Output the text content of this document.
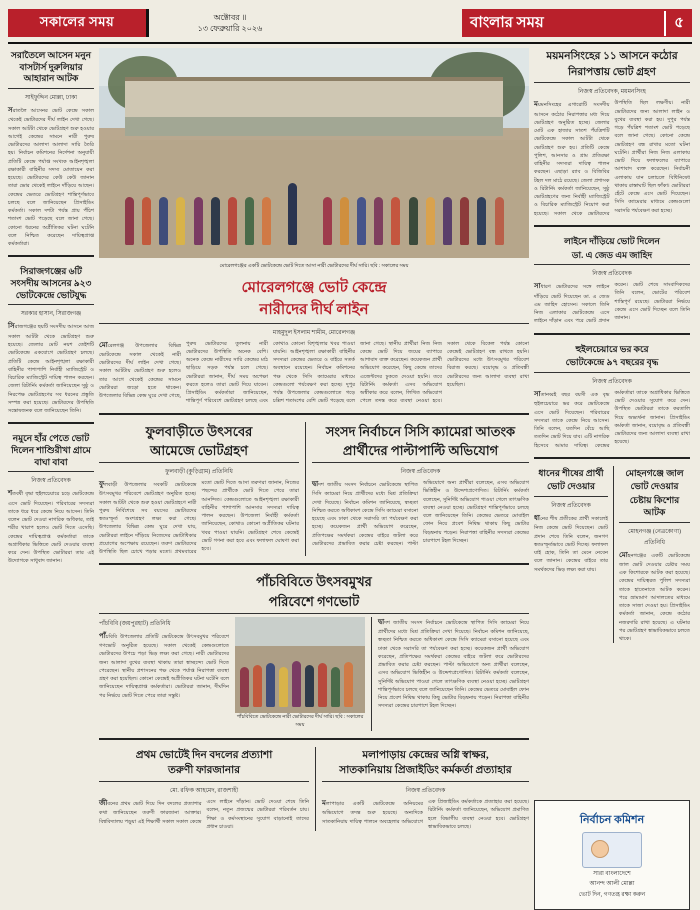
সকালের সময়	অক্টোবর ॥
১৩ ফেব্রুয়ারি ২০২৬	বাংলার সময়	৫
সরাতৈলে আসেন মনুন বাসটার্স দুরুলিয়ার আহারান আটক
সাইফুদ্দিন মোল্লা, ঢাকা
সরাতলৈ আসেনর ভোট কেন্দ্রে সকাল থেকেই ভোটারদের দীর্ঘ লাইন দেখা গেছে। সকাল আটটা থেকে ভোটগ্রহণ শুরু হওয়ার আগেই কেন্দ্রের সামনে নারী পুরুষ ভোটারদের আলাদা আলাদা সারি তৈরি হয়। নির্বাচন কমিশনের নির্দেশনা অনুযায়ী প্রতিটি কেন্দ্রে পর্যাপ্ত সংখ্যক আইনশৃঙ্খলা রক্ষাকারী বাহিনীর সদস্য মোতায়েন করা হয়েছে। ভোটারদের কেউ কেউ জানান তারা ভোর থেকেই লাইনে দাঁড়িয়ে আছেন। কেন্দ্রের ভেতরে ভোটগ্রহণ শান্তিপূর্ণভাবে চলছে বলে জানিয়েছেন প্রিসাইডিং কর্মকর্তা। সকাল দশটা পর্যন্ত প্রায় পঁচিশ শতাংশ ভোট পড়েছে বলে জানা গেছে। কোনো ধরনের অপ্রীতিকর ঘটনা ঘটেনি বলে নিশ্চিত করেছেন দায়িত্বপ্রাপ্ত কর্মকর্তারা।
সিরাজগঞ্জের ৬টি সংসদীয় আসনের ৯২৩ ভোটকেন্দ্রে ভোটযুদ্ধ
সরকার হাসান, সিরাজগঞ্জ
সিরাজগঞ্জের ছয়টি সংসদীয় আসনে আজ সকাল আটটা থেকে ভোটগ্রহণ শুরু হয়েছে। জেলার মোট নয়শ তেইশটি ভোটকেন্দ্রে একযোগে ভোটগ্রহণ চলছে। প্রতিটি কেন্দ্রে আইনশৃঙ্খলা রক্ষাকারী বাহিনীর পাশাপাশি নির্বাহী ম্যাজিস্ট্রেট ও বিচারিক ম্যাজিস্ট্রেট দায়িত্ব পালন করছেন। জেলা রিটার্নিং কর্মকর্তা জানিয়েছেন সুষ্ঠু ও নিরপেক্ষ ভোটগ্রহণের সব ধরনের প্রস্তুতি সম্পন্ন করা হয়েছে। ভোটারদের উপস্থিতি সন্তোষজনক বলে জানিয়েছেন তিনি।
নমুনে হাঁর পেতে ভোট দিলেন শাশিুরীখা গ্রামে বাঘা বাবা
নিজস্ব প্রতিবেদক
শতবর্ষী বৃদ্ধা হুইলচেয়ারে চড়ে ভোটকেন্দ্রে এসে ভোট দিয়েছেন। পরিবারের সদস্যরা তাকে ধরে ধরে কেন্দ্রে নিয়ে আসেন। তিনি বলেন ভোট দেওয়া নাগরিক অধিকার, তাই শরীর খারাপ হলেও ভোট দিতে এসেছি। কেন্দ্রের দায়িত্বপ্রাপ্ত কর্মকর্তারা তাকে অগ্রাধিকার ভিত্তিতে ভোট দেওয়ার ব্যবস্থা করে দেন। উপস্থিত ভোটাররা তার এই উদ্যোগকে সাধুবাদ জানান।
মোরেলগঞ্জের একটি ভোটকেন্দ্রে ভোট দিতে আসা নারী ভোটারদের দীর্ঘ সারি। ছবি : সকালের সময়
মোরেলগঞ্জে ভোট কেন্দ্রে
নারীদের দীর্ঘ লাইন
মাহমুদুল ইসলাম শামীম, মোরেলগঞ্জ
মোরেলগঞ্জ উপজেলার বিভিন্ন ভোটকেন্দ্রে সকাল থেকেই নারী ভোটারদের দীর্ঘ লাইন দেখা গেছে। সকাল আটটায় ভোটগ্রহণ শুরু হলেও তার আগে থেকেই কেন্দ্রের সামনে ভোটাররা জড়ো হতে থাকেন। উপজেলার বিভিন্ন কেন্দ্র ঘুরে দেখা গেছে, পুরুষ ভোটারদের তুলনায় নারী ভোটারদের উপস্থিতি অনেক বেশি। অনেক কেন্দ্রে নারীদের সারি কেন্দ্রের মাঠ ছাড়িয়ে সড়ক পর্যন্ত চলে গেছে। ভোটাররা জানান, দীর্ঘ সময় অপেক্ষা করতে হলেও তারা ভোট দিয়ে যাবেন। প্রিসাইডিং কর্মকর্তারা জানিয়েছেন, শান্তিপূর্ণ পরিবেশে ভোটগ্রহণ চলছে এবং কোথাও কোনো বিশৃঙ্খলার খবর পাওয়া যায়নি। আইনশৃঙ্খলা রক্ষাকারী বাহিনীর সদস্যরা কেন্দ্রের ভেতরে ও বাইরে সতর্ক অবস্থানে রয়েছেন। নির্বাচন কমিশনের পক্ষ থেকে সিসি ক্যামেরার মাধ্যমে কেন্দ্রগুলো পর্যবেক্ষণ করা হচ্ছে। দুপুর পর্যন্ত উপজেলার কেন্দ্রগুলোতে গড়ে চল্লিশ শতাংশের বেশি ভোট পড়েছে বলে জানা গেছে। স্থানীয় প্রার্থীরা নিজ নিজ কেন্দ্রে ভোট দিয়ে জয়ের ব্যাপারে আশাবাদ ব্যক্ত করেছেন। কয়েকজন প্রার্থী অভিযোগ করেছেন, কিছু কেন্দ্রে তাদের এজেন্টদের ঢুকতে দেওয়া হয়নি। তবে রিটার্নিং কর্মকর্তা এসব অভিযোগ অস্বীকার করে বলেন, লিখিত অভিযোগ পেলে তদন্ত করে ব্যবস্থা নেওয়া হবে। সকাল থেকে বিকেল পর্যন্ত কোনো কেন্দ্রেই ভোটগ্রহণ বন্ধ রাখতে হয়নি। ভোটারদের মধ্যে উৎসবমুখর পরিবেশ বিরাজ করছে। বয়োবৃদ্ধ ও প্রতিবন্ধী ভোটারদের জন্য আলাদা ব্যবস্থা রাখা হয়েছিল।
ফুলবাড়ীতে উৎসবের
আমেজে ভোটগ্রহণ
ফুলবাড়ী (কুড়িগ্রাম) প্রতিনিধি
ফুলবাড়ী উপজেলার সবকটি ভোটকেন্দ্রে উৎসবমুখর পরিবেশে ভোটগ্রহণ অনুষ্ঠিত হচ্ছে। সকাল আটটা থেকে শুরু হওয়া ভোটগ্রহণে নারী পুরুষ নির্বিশেষে সব বয়সের ভোটারদের স্বতঃস্ফূর্ত অংশগ্রহণ লক্ষ্য করা গেছে। উপজেলার বিভিন্ন কেন্দ্র ঘুরে দেখা যায়, ভোটাররা লাইনে দাঁড়িয়ে নিজেদের ভোটাধিকার প্রয়োগের অপেক্ষায় রয়েছেন। তরুণ ভোটারদের উপস্থিতি ছিল চোখে পড়ার মতো। প্রথমবারের মতো ভোট দিতে আসা তরুণরা জানান, নিজের পছন্দের প্রার্থীকে ভোট দিতে পেরে তারা আনন্দিত। কেন্দ্রগুলোতে আইনশৃঙ্খলা রক্ষাকারী বাহিনীর পাশাপাশি আনসার সদস্যরা দায়িত্ব পালন করছেন। উপজেলা নির্বাহী কর্মকর্তা জানিয়েছেন, কোথাও কোনো অপ্রীতিকর ঘটনার খবর পাওয়া যায়নি। ভোটগ্রহণ শেষে কেন্দ্রেই ভোট গণনা করা হবে এবং ফলাফল ঘোষণা করা হবে।
সংসদ নির্বাচনে সিসি ক্যামেরা আতংক
প্রার্থীদের পাল্টাপাল্টি অভিযোগ
নিজস্ব প্রতিবেদক
দ্বাদশ জাতীয় সংসদ নির্বাচনে ভোটকেন্দ্রে স্থাপিত সিসি ক্যামেরা নিয়ে প্রার্থীদের মধ্যে মিশ্র প্রতিক্রিয়া দেখা দিয়েছে। নির্বাচন কমিশন জানিয়েছে, স্বচ্ছতা নিশ্চিত করতে অধিকাংশ কেন্দ্রে সিসি ক্যামেরা বসানো হয়েছে এবং ঢাকা থেকে সরাসরি তা পর্যবেক্ষণ করা হচ্ছে। কয়েকজন প্রার্থী অভিযোগ করেছেন, প্রতিপক্ষের সমর্থকরা কেন্দ্রের বাইরে জটলা করে ভোটারদের প্রভাবিত করার চেষ্টা করছেন। পাল্টা অভিযোগে অন্য প্রার্থীরা বলেছেন, এসব অভিযোগ ভিত্তিহীন ও উদ্দেশ্যপ্রণোদিত। রিটার্নিং কর্মকর্তা বলেছেন, সুনির্দিষ্ট অভিযোগ পাওয়া গেলে তাৎক্ষণিক ব্যবস্থা নেওয়া হচ্ছে। ভোটগ্রহণ শান্তিপূর্ণভাবে চলছে বলে জানিয়েছেন তিনি। কেন্দ্রের ভেতরে মোবাইল ফোন নিয়ে প্রবেশ নিষিদ্ধ থাকায় কিছু ভোটার বিড়ম্বনায় পড়েন। নিরাপত্তা বাহিনীর সদস্যরা কেন্দ্রের চারপাশে টহল দিচ্ছেন।
পাঁচবিবিতে উৎসবমুখর
পরিবেশে গণভোট
পাঁচবিবি (জয়পুরহাট) প্রতিনিধি
পাঁচবিবি উপজেলার প্রতিটি ভোটকেন্দ্রে উৎসবমুখর পরিবেশে গণভোট অনুষ্ঠিত হয়েছে। সকাল থেকেই কেন্দ্রগুলোতে ভোটারদের উপচে পড়া ভিড় লক্ষ্য করা গেছে। নারী ভোটারদের জন্য আলাদা বুথের ব্যবস্থা থাকায় তারা স্বাচ্ছন্দ্যে ভোট দিতে পেরেছেন। স্থানীয় প্রশাসনের পক্ষ থেকে পর্যাপ্ত নিরাপত্তা ব্যবস্থা গ্রহণ করা হয়েছিল। কোনো কেন্দ্রেই অপ্রীতিকর ঘটনা ঘটেনি বলে জানিয়েছেন দায়িত্বপ্রাপ্ত কর্মকর্তারা। ভোটাররা জানান, দীর্ঘদিন পর নির্ভয়ে ভোট দিতে পেরে তারা সন্তুষ্ট।
পাঁচবিবিতে ভোটকেন্দ্রে নারী ভোটারদের দীর্ঘ সারি। ছবি : সকালের সময়
দ্বাদশ জাতীয় সংসদ নির্বাচনে ভোটকেন্দ্রে স্থাপিত সিসি ক্যামেরা নিয়ে প্রার্থীদের মধ্যে মিশ্র প্রতিক্রিয়া দেখা দিয়েছে। নির্বাচন কমিশন জানিয়েছে, স্বচ্ছতা নিশ্চিত করতে অধিকাংশ কেন্দ্রে সিসি ক্যামেরা বসানো হয়েছে এবং ঢাকা থেকে সরাসরি তা পর্যবেক্ষণ করা হচ্ছে। কয়েকজন প্রার্থী অভিযোগ করেছেন, প্রতিপক্ষের সমর্থকরা কেন্দ্রের বাইরে জটলা করে ভোটারদের প্রভাবিত করার চেষ্টা করছেন। পাল্টা অভিযোগে অন্য প্রার্থীরা বলেছেন, এসব অভিযোগ ভিত্তিহীন ও উদ্দেশ্যপ্রণোদিত। রিটার্নিং কর্মকর্তা বলেছেন, সুনির্দিষ্ট অভিযোগ পাওয়া গেলে তাৎক্ষণিক ব্যবস্থা নেওয়া হচ্ছে। ভোটগ্রহণ শান্তিপূর্ণভাবে চলছে বলে জানিয়েছেন তিনি। কেন্দ্রের ভেতরে মোবাইল ফোন নিয়ে প্রবেশ নিষিদ্ধ থাকায় কিছু ভোটার বিড়ম্বনায় পড়েন। নিরাপত্তা বাহিনীর সদস্যরা কেন্দ্রের চারপাশে টহল দিচ্ছেন।
প্রথম ভোটেই দিন বদলের প্রত্যাশা
তরুণী ফারজানার
মো. রফিক আহমেদ, রাজশাহী
জীবনের প্রথম ভোট দিয়ে দিন বদলের প্রত্যাশার কথা জানিয়েছেন তরুণী ফারজানা আক্তার। বিশ্ববিদ্যালয় পড়ুয়া এই শিক্ষার্থী সকাল সকাল কেন্দ্রে এসে লাইনে দাঁড়ান। ভোট দেওয়া শেষে তিনি বলেন, নতুন প্রজন্মের ভোটাররা পরিবর্তন চায়। শিক্ষা ও কর্মসংস্থানের সুযোগ বাড়ানোই তাদের প্রধান চাওয়া।
মলাপাড়ায় কেন্দ্রের অগ্নি স্বাক্ষর,
সাতকানিয়ায় প্রিজাইডিং কর্মকর্তা প্রত্যাহার
নিজস্ব প্রতিবেদক
মলাপাড়ার একটি ভোটকেন্দ্রে অনিয়মের অভিযোগে তদন্ত শুরু হয়েছে। অন্যদিকে সাতকানিয়ায় দায়িত্ব পালনে অবহেলার অভিযোগে এক প্রিজাইডিং কর্মকর্তাকে প্রত্যাহার করা হয়েছে। রিটার্নিং কর্মকর্তা জানিয়েছেন, অভিযোগ প্রমাণিত হলে বিভাগীয় ব্যবস্থা নেওয়া হবে। ভোটগ্রহণ স্বাভাবিকভাবে চলছে।
ময়মনসিংহের ১১ আসনে কঠোর
নিরাপত্তায় ভোট গ্রহণ
নিজস্ব প্রতিবেদক, ময়মনসিংহ
ময়মনসিংহের এগারোটি সংসদীয় আসনে কঠোর নিরাপত্তার মধ্য দিয়ে ভোটগ্রহণ অনুষ্ঠিত হচ্ছে। জেলার মোট এক হাজার সাতশ পঁয়ত্রিশটি ভোটকেন্দ্রে সকাল আটটা থেকে ভোটগ্রহণ শুরু হয়। প্রতিটি কেন্দ্রে পুলিশ, আনসার ও গ্রাম প্রতিরক্ষা বাহিনীর সদস্যরা দায়িত্ব পালন করছেন। এছাড়া র‍্যাব ও বিজিবির টহল দল মাঠে রয়েছে। জেলা প্রশাসক ও রিটার্নিং কর্মকর্তা জানিয়েছেন, সুষ্ঠু ভোটগ্রহণের জন্য নির্বাহী ম্যাজিস্ট্রেট ও বিচারিক ম্যাজিস্ট্রেট নিয়োগ করা হয়েছে। সকাল থেকে ভোটারদের উপস্থিতি ছিল লক্ষণীয়। নারী ভোটারদের জন্য আলাদা লাইন ও বুথের ব্যবস্থা করা হয়। দুপুর পর্যন্ত গড়ে পঁয়ত্রিশ শতাংশ ভোট পড়েছে বলে জানা গেছে। কোনো কেন্দ্রে ভোটগ্রহণ বন্ধ রাখার মতো ঘটনা ঘটেনি। প্রার্থীরা নিজ নিজ এলাকায় ভোট দিয়ে ফলাফলের ব্যাপারে আশাবাদ ব্যক্ত করেছেন। নির্বাচনী এলাকায় যান চলাচলে বিধিনিষেধ থাকায় রাস্তাঘাট ছিল ফাঁকা। ভোটাররা হেঁটে কেন্দ্রে এসে ভোট দিয়েছেন। সিসি ক্যামেরার মাধ্যমে কেন্দ্রগুলো সরাসরি পর্যবেক্ষণ করা হচ্ছে।
লাইনে দাঁড়িয়ে ভোট দিলেন
ডা. এ জেড এম জাহিদ
নিজস্ব প্রতিবেদক
সাধারণ ভোটারদের সঙ্গে লাইনে দাঁড়িয়ে ভোট দিয়েছেন ডা. এ জেড এম জাহিদ হোসেন। সকালে তিনি নিজ এলাকার ভোটকেন্দ্রে এসে লাইনে দাঁড়ান এবং পরে ভোট প্রদান করেন। ভোট শেষে সাংবাদিকদের তিনি বলেন, ভোটের পরিবেশ শান্তিপূর্ণ রয়েছে। ভোটাররা নির্ভয়ে কেন্দ্রে এসে ভোট দিচ্ছেন বলে তিনি জানান।
হুইলচেয়ারে ভর করে
ভোটকেন্দ্রে ৯৭ বছরের বৃদ্ধ
নিজস্ব প্রতিবেদক
সাতানব্বই বছর বয়সী এক বৃদ্ধ হুইলচেয়ারে ভর করে ভোটকেন্দ্রে এসে ভোট দিয়েছেন। পরিবারের সদস্যরা তাকে কেন্দ্রে নিয়ে আসেন। তিনি বলেন, যতদিন বেঁচে আছি ততদিন ভোট দিয়ে যাব। এটি নাগরিক হিসেবে আমার দায়িত্ব। কেন্দ্রের কর্মকর্তারা তাকে অগ্রাধিকার ভিত্তিতে ভোট দেওয়ার সুযোগ করে দেন। উপস্থিত ভোটাররা তাকে করতালি দিয়ে অভ্যর্থনা জানান। প্রিসাইডিং কর্মকর্তা জানান, বয়োবৃদ্ধ ও প্রতিবন্ধী ভোটারদের জন্য আলাদা ব্যবস্থা রাখা হয়েছে।
ধানের শীষের প্রার্থী
ভোট দেওয়ার
নিজস্ব প্রতিবেদক
ধানের শীষ প্রতীকের প্রার্থী সকালেই নিজ কেন্দ্রে ভোট দিয়েছেন। ভোট প্রদান শেষে তিনি বলেন, জনগণ স্বতঃস্ফূর্তভাবে ভোট দিচ্ছে। ফলাফল যাই হোক, তিনি তা মেনে নেবেন বলে জানান। কেন্দ্রের বাইরে তার সমর্থকদের ভিড় লক্ষ্য করা যায়।
মোহনগঞ্জে জাল
ভোট দেওয়ার
চেষ্টায় কিশোর আটক
মোহনগঞ্জ (নেত্রকোণা) প্রতিনিধি
মোহনগঞ্জের একটি ভোটকেন্দ্রে জাল ভোট দেওয়ার চেষ্টার সময় এক কিশোরকে আটক করা হয়েছে। কেন্দ্রের দায়িত্বরত পুলিশ সদস্যরা তাকে হাতেনাতে আটক করেন। পরে ভ্রাম্যমাণ আদালতের মাধ্যমে তাকে সাজা দেওয়া হয়। প্রিসাইডিং কর্মকর্তা জানান, কেন্দ্রে কঠোর নজরদারি রাখা হয়েছে। এ ঘটনার পর ভোটগ্রহণ স্বাভাবিকভাবে চলতে থাকে।
নির্বাচন কমিশন
সারা বাংলাদেশে
আনন্দ আলী মোল্লা
ভোট দিন, গণতন্ত্র রক্ষা করুন
